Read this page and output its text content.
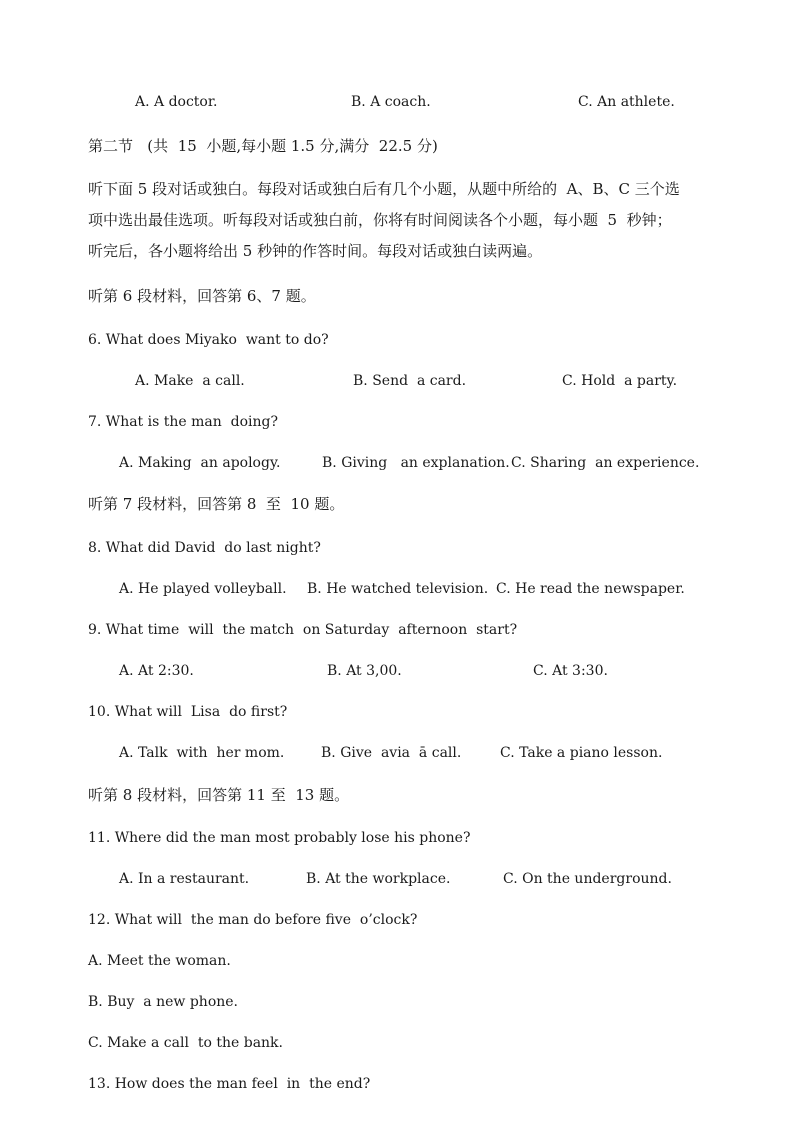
A. A doctor.	B. A coach.	C. An athlete.
第二节   (共  15  小题,每小题 1.5 分,满分  22.5 分)
听下面 5 段对话或独白。每段对话或独白后有几个小题，从题中所给的  A、B、C 三个选
项中选出最佳选项。听每段对话或独白前，你将有时间阅读各个小题，每小题  5  秒钟；
听完后，各小题将给出 5 秒钟的作答时间。每段对话或独白读两遍。
听第 6 段材料，回答第 6、7 题。
6. What does Miyako  want to do?
A. Make  a call.	B. Send  a card.	C. Hold  a party.
7. What is the man  doing?
A. Making  an apology.	B. Giving   an explanation. C. Sharing  an experience.
听第 7 段材料，回答第 8  至  10 题。
8. What did David  do last night?
A. He played volleyball. B. He watched television. C. He read the newspaper.
9. What time  will  the match  on Saturday  afternoon  start?
A. At 2:30.	B. At 3,00.	C. At 3:30.
10. What will  Lisa  do first?
A. Talk  with  her mom.	B. Give  avia  ā call.	C. Take a piano lesson.
听第 8 段材料，回答第 11 至  13 题。
11. Where did the man most probably lose his phone?
A. In a restaurant.	B. At the workplace.	C. On the underground.
12. What will  the man do before five  o’clock?
A. Meet the woman.
B. Buy  a new phone.
C. Make a call  to the bank.
13. How does the man feel  in  the end?
